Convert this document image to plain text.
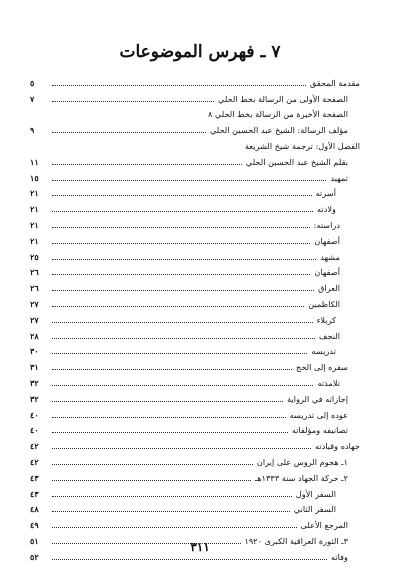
٧ ـ فهرس الموضوعات
مقدمة المحقق
٥
الصفحة الأولى من الرسالة بخط الحلي
٧
الصفحة الأخيرة من الرسالة بخط الحلي ٨
مؤلف الرسالة: الشيخ عبد الحسين الحلي
٩
الفصل الأول: ترجمة شيخ الشريعة
بقلم الشيخ عبد الحسين الحلي
١١
تمهيد
١٥
أسرته
٢١
ولادته
٢١
دراسته:
٢١
أصفهان
٢١
مشهد
٢٥
أصفهان
٢٦
العراق
٢٦
الكاظمين
٢٧
كربلاء
٢٧
النجف
٢٨
تدريسه
٣٠
سفره إلى الحج
٣١
تلامذته
٣٢
إجازاته في الرواية
٣٢
عوده إلى تدريسه
٤٠
تصانيفه ومؤلفاته
٤٠
جهاده وقيادته
٤٢
١ـ هجوم الروس على إيران
٤٢
٢ـ حركة الجهاد سنة ١٣٣٣هـ
٤٣
السفر الأول
٤٣
السفر الثاني
٤٨
المرجع الأعلى
٤٩
٣ـ الثورة العراقية الكبرى ١٩٢٠
٥١
وفاته
٥٢
٣١١
